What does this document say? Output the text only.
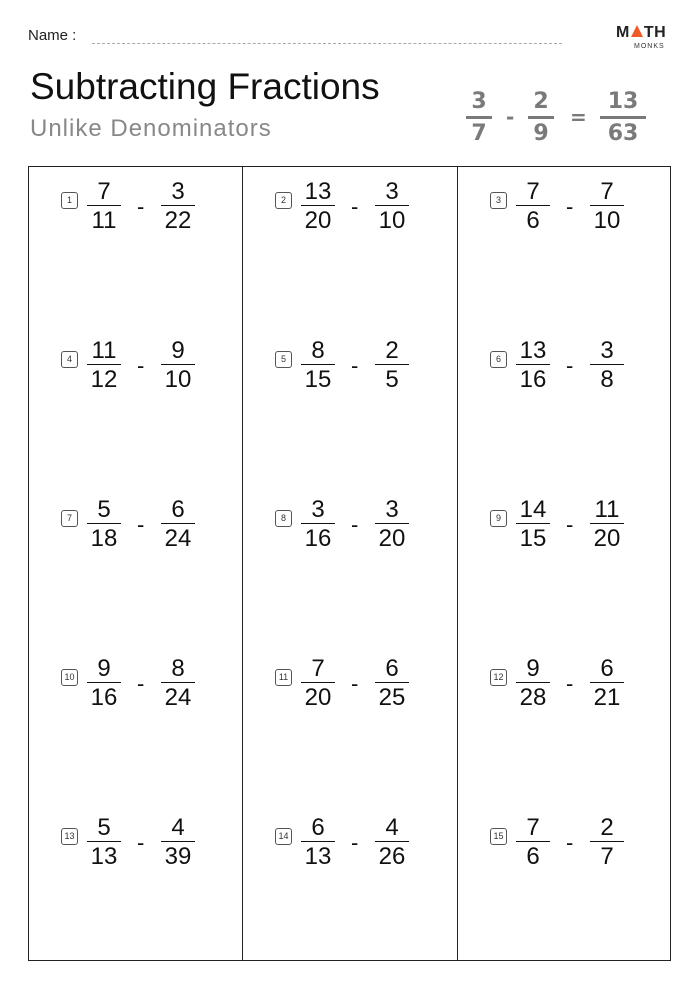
Name :	M TH
MONKS
Subtracting Fractions
Unlike Denominators
3
7
-
2
9
=
13
63
1	7
11
-
3
22
2 13
20
-
3
10
3	7
6
-
7
10
4 11
12
-
9
10
5	8
15
-
2
5
6 13
16
-
3
8
7	5
18
-
6
24
8	3
16
-
3
20
9 14
15
-
11
20
10 9
16
-
8
24
11 7
20
-
6
25
12 9
28
-
6
21
13 5
13
-
4
39
14 6
13
-
4
26
15 7
6
-
2
7
